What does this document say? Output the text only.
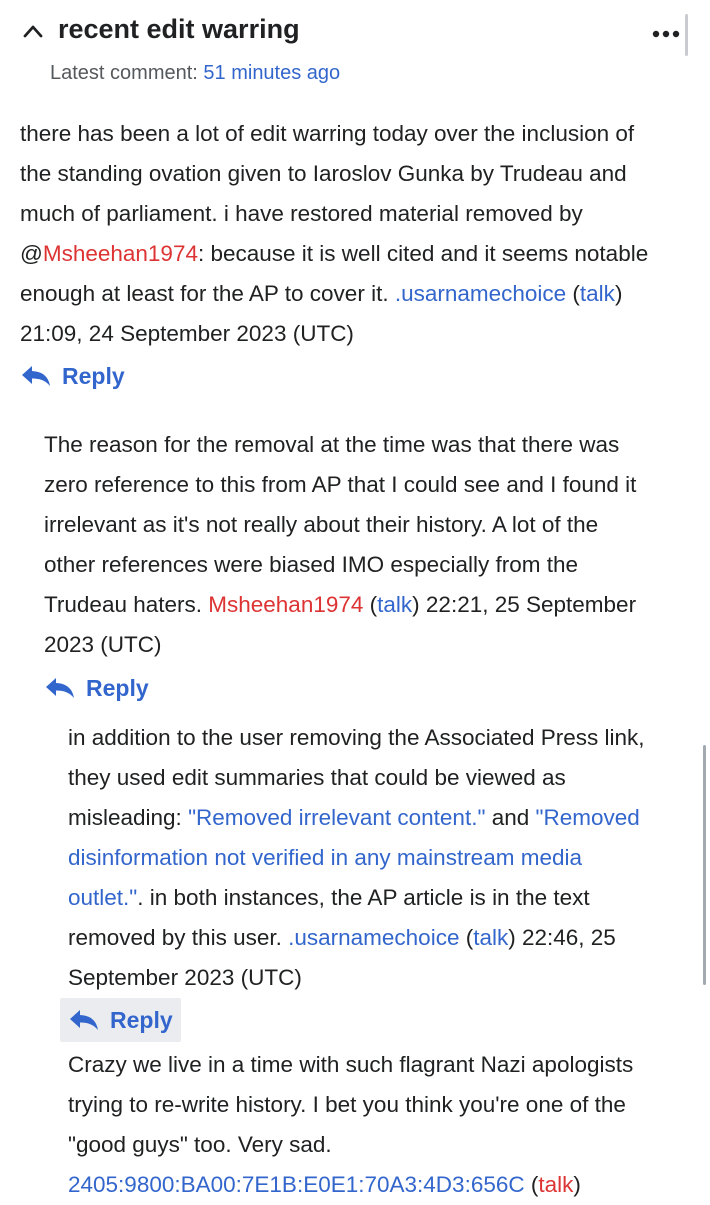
recent edit warring
Latest comment: 51 minutes ago
there has been a lot of edit warring today over the inclusion of
the standing ovation given to Iaroslov Gunka by Trudeau and
much of parliament. i have restored material removed by
@Msheehan1974: because it is well cited and it seems notable
enough at least for the AP to cover it. .usarnamechoice (talk)
21:09, 24 September 2023 (UTC)
Reply
The reason for the removal at the time was that there was
zero reference to this from AP that I could see and I found it
irrelevant as it's not really about their history. A lot of the
other references were biased IMO especially from the
Trudeau haters. Msheehan1974 (talk) 22:21, 25 September
2023 (UTC)
Reply
in addition to the user removing the Associated Press link,
they used edit summaries that could be viewed as
misleading: "Removed irrelevant content." and "Removed
disinformation not verified in any mainstream media
outlet.". in both instances, the AP article is in the text
removed by this user. .usarnamechoice (talk) 22:46, 25
September 2023 (UTC)
Reply
Crazy we live in a time with such flagrant Nazi apologists
trying to re-write history. I bet you think you're one of the
"good guys" too. Very sad.
2405:9800:BA00:7E1B:E0E1:70A3:4D3:656C (talk)
